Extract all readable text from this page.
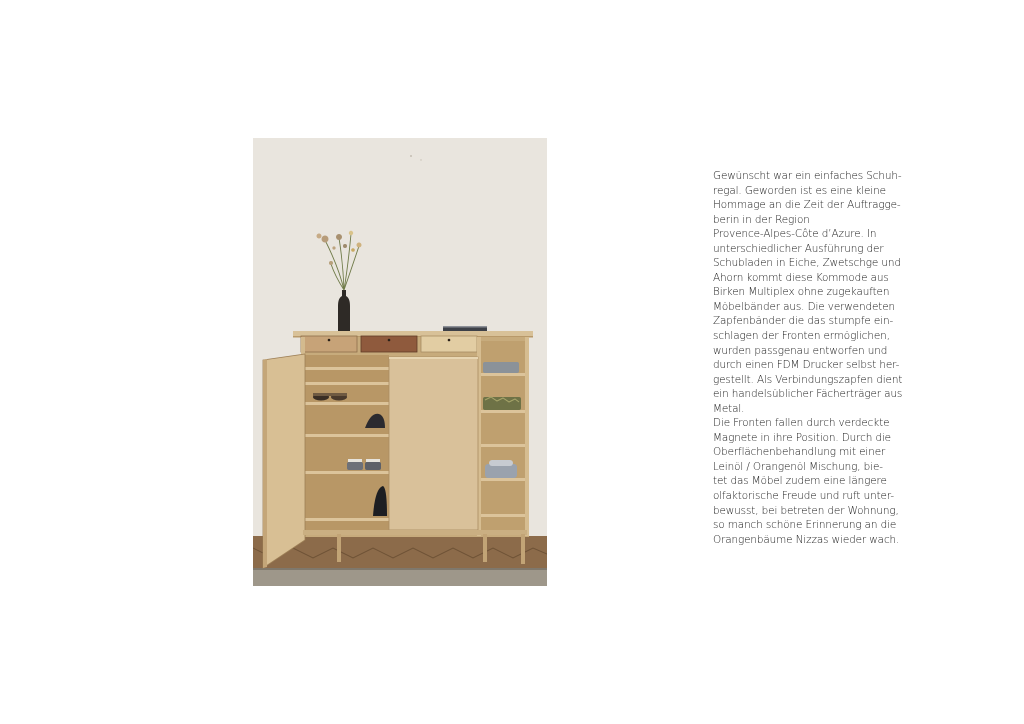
Gewünscht war ein einfaches Schuh-
regal. Geworden ist es eine kleine
Hommage an die Zeit der Auftragge-
berin in der Region
Provence-Alpes-Côte d’Azure. In
unterschiedlicher Ausführung der
Schubladen in Eiche, Zwetschge und
Ahorn kommt diese Kommode aus
Birken Multiplex ohne zugekauften
Möbelbänder aus. Die verwendeten
Zapfenbänder die das stumpfe ein-
schlagen der Fronten ermöglichen,
wurden passgenau entworfen und
durch einen FDM Drucker selbst her-
gestellt. Als Verbindungszapfen dient
ein handelsüblicher Fächerträger aus
Metal.
Die Fronten fallen durch verdeckte
Magnete in ihre Position. Durch die
Oberflächenbehandlung mit einer
Leinöl / Orangenöl Mischung, bie-
tet das Möbel zudem eine längere
olfaktorische Freude und ruft unter-
bewusst, bei betreten der Wohnung,
so manch schöne Erinnerung an die
Orangenbäume Nizzas wieder wach.
